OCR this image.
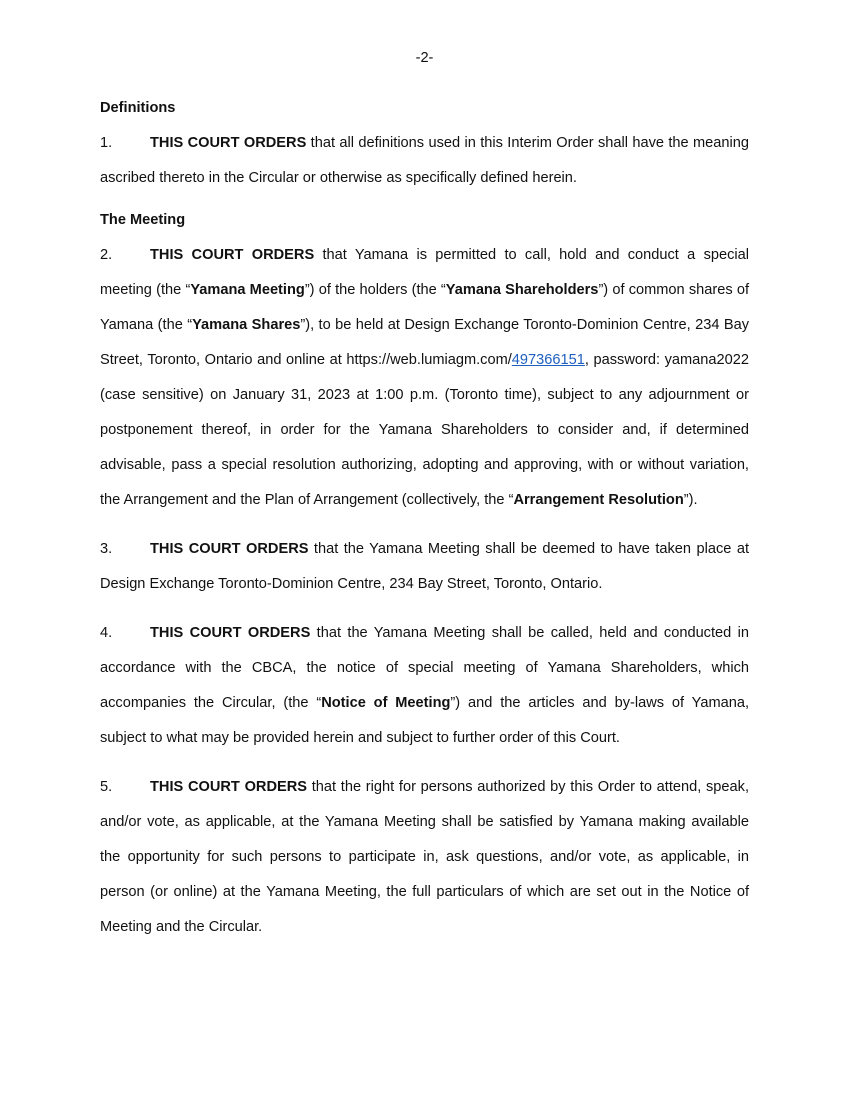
-2-

Definitions

1.	THIS COURT ORDERS that all definitions used in this Interim Order shall have the meaning ascribed thereto in the Circular or otherwise as specifically defined herein.

The Meeting

2.	THIS COURT ORDERS that Yamana is permitted to call, hold and conduct a special meeting (the “Yamana Meeting”) of the holders (the “Yamana Shareholders”) of common shares of Yamana (the “Yamana Shares”), to be held at Design Exchange Toronto-Dominion Centre, 234 Bay Street, Toronto, Ontario and online at https://web.lumiagm.com/497366151, password: yamana2022 (case sensitive) on January 31, 2023 at 1:00 p.m. (Toronto time), subject to any adjournment or postponement thereof, in order for the Yamana Shareholders to consider and, if determined advisable, pass a special resolution authorizing, adopting and approving, with or without variation, the Arrangement and the Plan of Arrangement (collectively, the “Arrangement Resolution”).

3.	THIS COURT ORDERS that the Yamana Meeting shall be deemed to have taken place at Design Exchange Toronto-Dominion Centre, 234 Bay Street, Toronto, Ontario.

4.	THIS COURT ORDERS that the Yamana Meeting shall be called, held and conducted in accordance with the CBCA, the notice of special meeting of Yamana Shareholders, which accompanies the Circular, (the “Notice of Meeting”) and the articles and by-laws of Yamana, subject to what may be provided herein and subject to further order of this Court.

5.	THIS COURT ORDERS that the right for persons authorized by this Order to attend, speak, and/or vote, as applicable, at the Yamana Meeting shall be satisfied by Yamana making available the opportunity for such persons to participate in, ask questions, and/or vote, as applicable, in person (or online) at the Yamana Meeting, the full particulars of which are set out in the Notice of Meeting and the Circular.
